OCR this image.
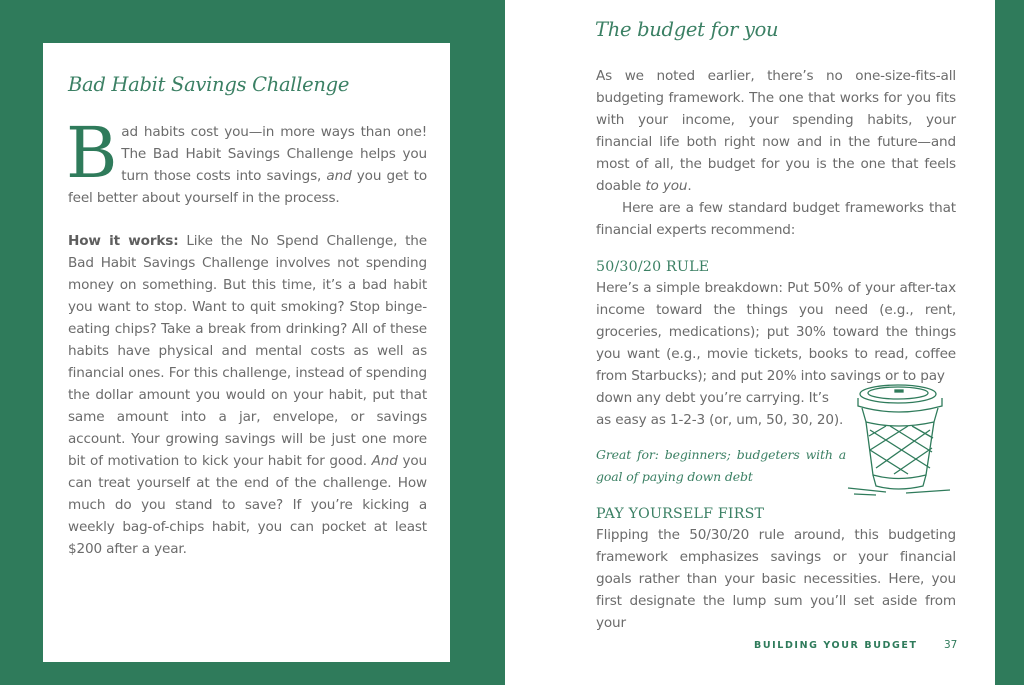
Bad Habit Savings Challenge

Bad habits cost you—in more ways than one! The Bad Habit Savings Challenge helps you turn those costs into savings, and you get to feel better about yourself in the process.

How it works: Like the No Spend Challenge, the Bad Habit Savings Challenge involves not spending money on something. But this time, it’s a bad habit you want to stop. Want to quit smoking? Stop binge-eating chips? Take a break from drinking? All of these habits have physical and mental costs as well as financial ones. For this challenge, instead of spending the dollar amount you would on your habit, put that same amount into a jar, envelope, or savings account. Your growing savings will be just one more bit of motivation to kick your habit for good. And you can treat yourself at the end of the challenge. How much do you stand to save? If you’re kicking a weekly bag-of-chips habit, you can pocket at least $200 after a year.

The budget for you

As we noted earlier, there’s no one-size-fits-all budgeting framework. The one that works for you fits with your income, your spending habits, your financial life both right now and in the future—and most of all, the budget for you is the one that feels doable to you.

Here are a few standard budget frameworks that financial experts recommend:

50/30/20 RULE

Here’s a simple breakdown: Put 50% of your after-tax income toward the things you need (e.g., rent, groceries, medications); put 30% toward the things you want (e.g., movie tickets, books to read, coffee from Starbucks); and put 20% into savings or to pay

down any debt you’re carrying. It’s as easy as 1-2-3 (or, um, 50, 30, 20).

Great for: beginners; budgeters with a goal of paying down debt
PAY YOURSELF FIRST

Flipping the 50/30/20 rule around, this budgeting framework emphasizes savings or your financial goals rather than your basic necessities. Here, you first designate the lump sum you’ll set aside from your

BUILDING YOUR BUDGET	37
